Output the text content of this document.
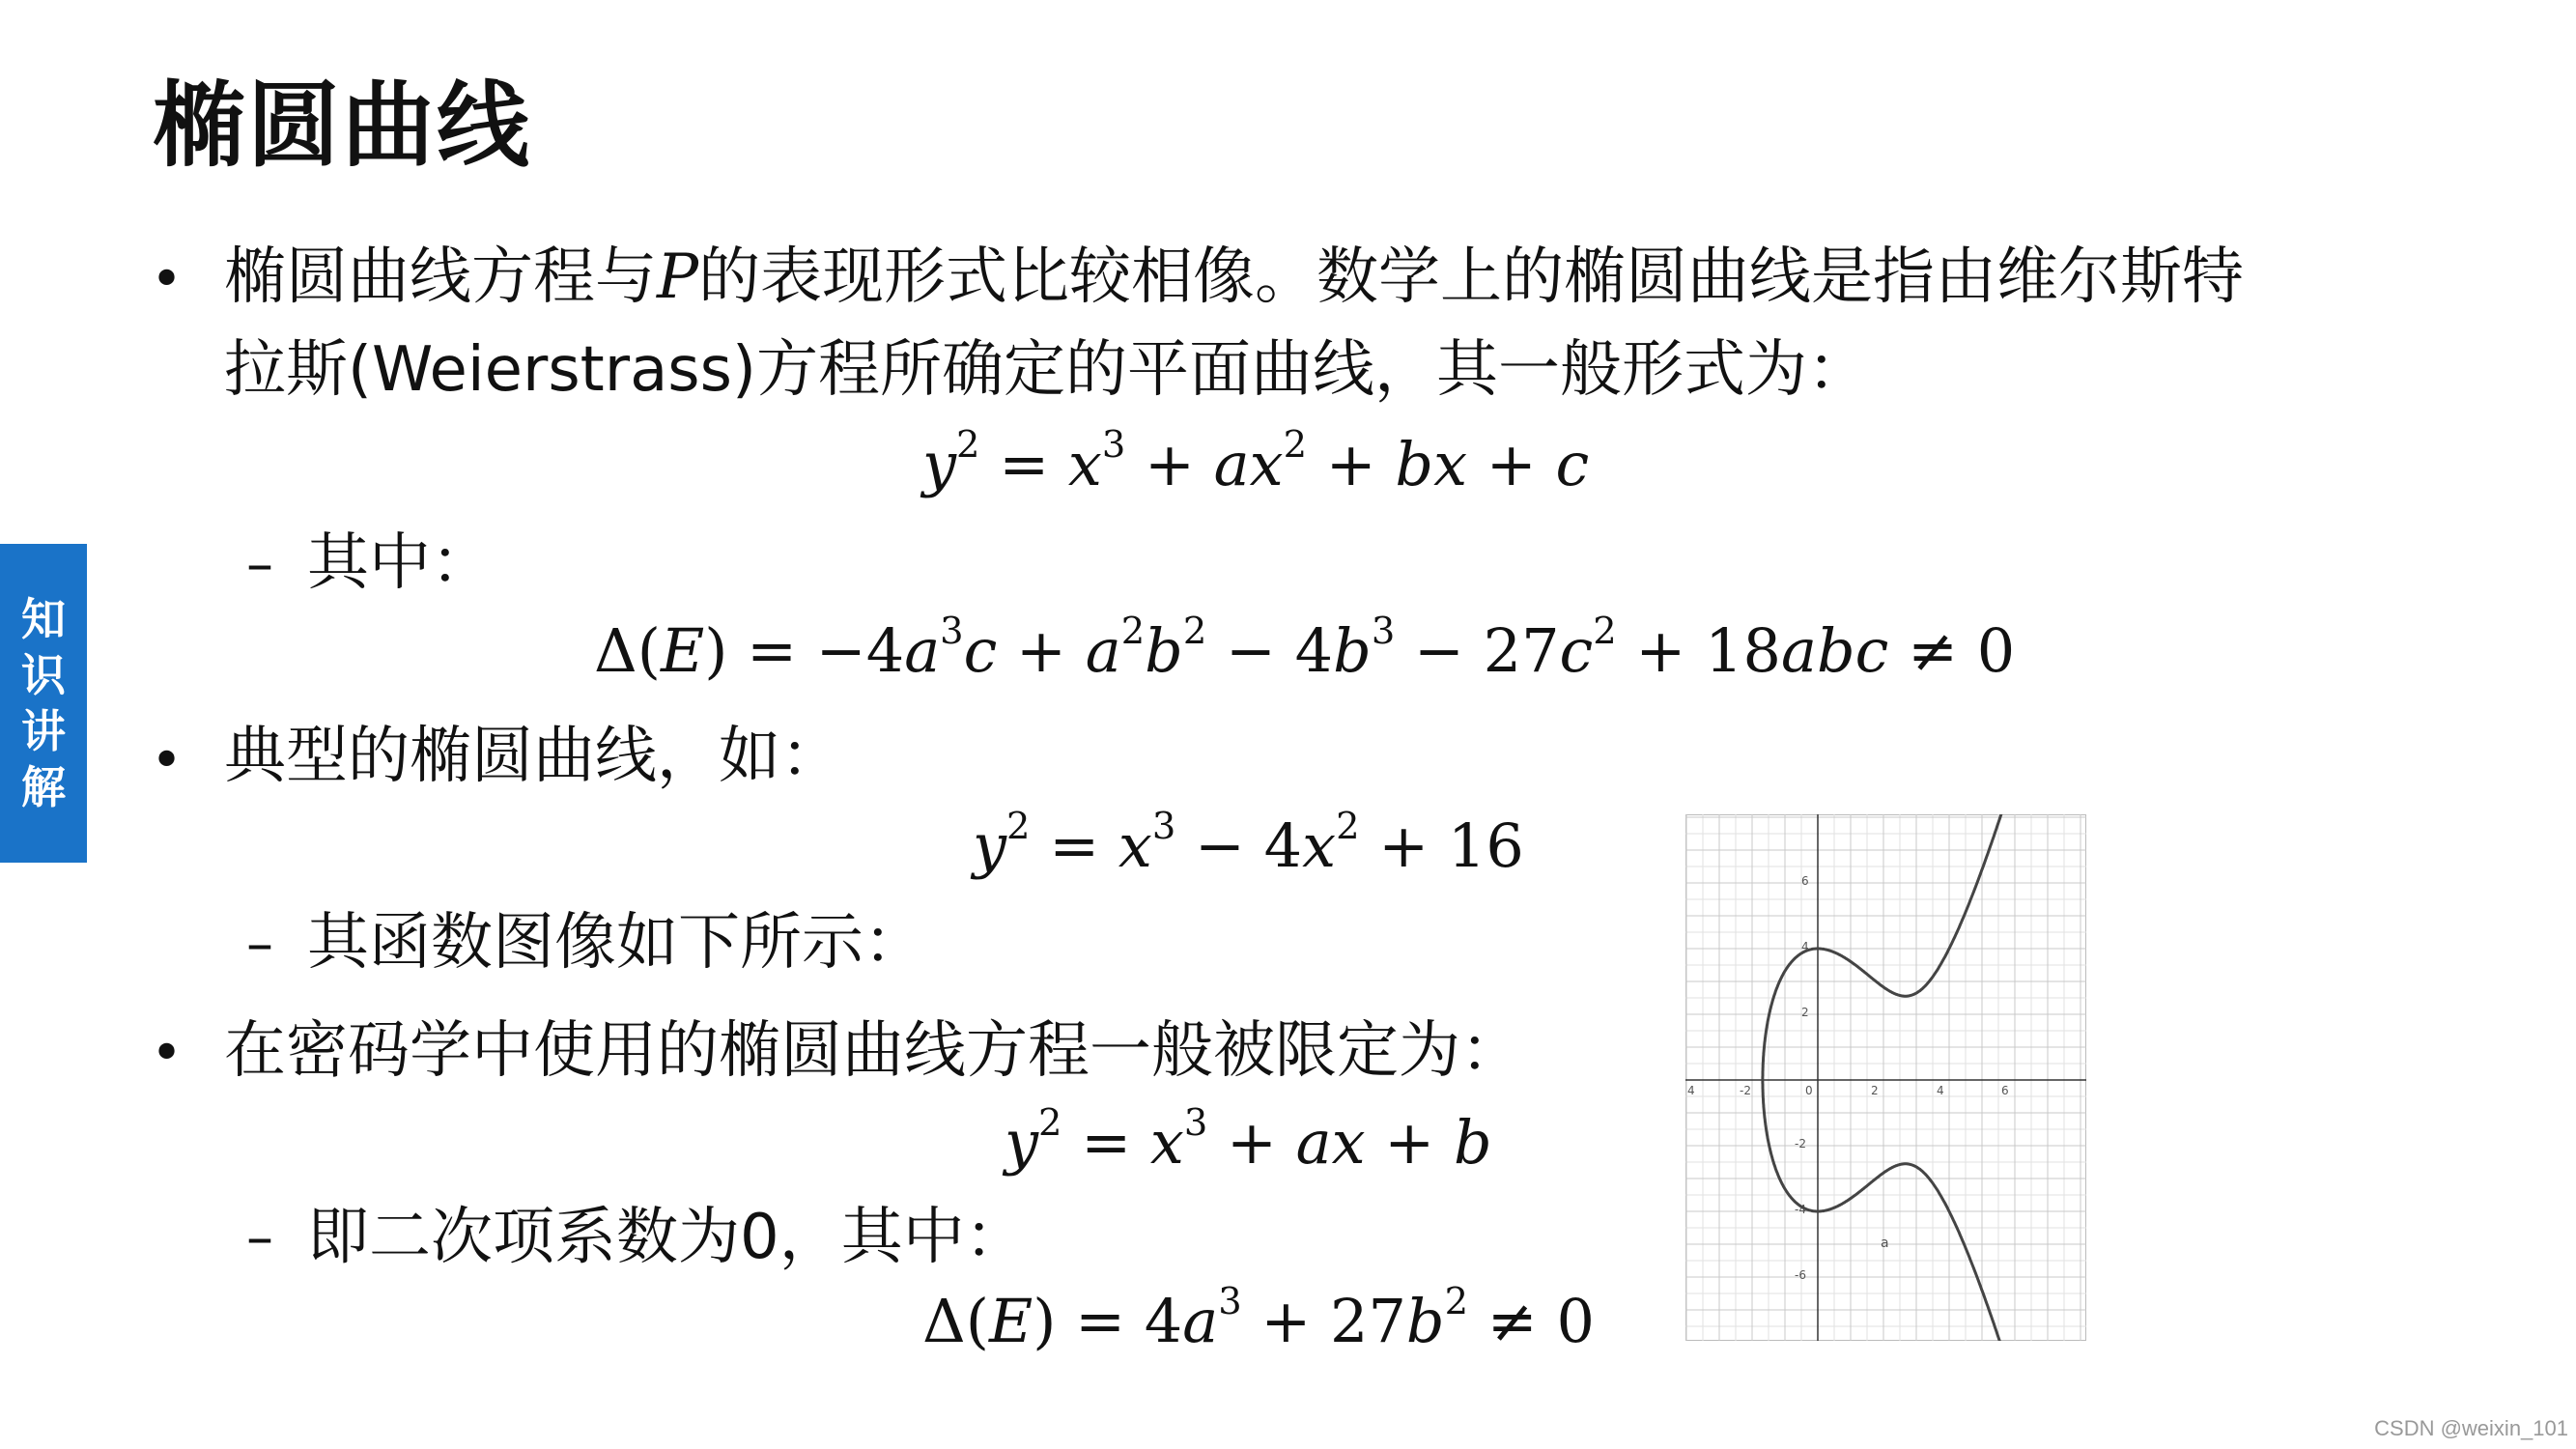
椭圆曲线
知
识
讲
解
• 椭圆曲线方程与P的表现形式比较相像。数学上的椭圆曲线是指由维尔斯特
拉斯(Weierstrass)方程所确定的平面曲线，其一般形式为：
$y^2 = x^3 + ax^2$ + bx + c
– 其中：
$\Delta(E) = -4a^3c + a^2b^2 - 4b^3 - 27c^2 + 18abc \ne 0$
• 典型的椭圆曲线，如：
$y^2 = x^3 - 4x^2 + 16$
– 其函数图像如下所示：
• 在密码学中使用的椭圆曲线方程一般被限定为：
$y^2 = x^3$ + ax + b
– 即二次项系数为0，其中：
$\Delta(E) = 4a^3 + 27b^2 \ne 0$
4	-2	0	2	4	6
6
4
2
-2
-4
-6
a
CSDN @weixin_101
